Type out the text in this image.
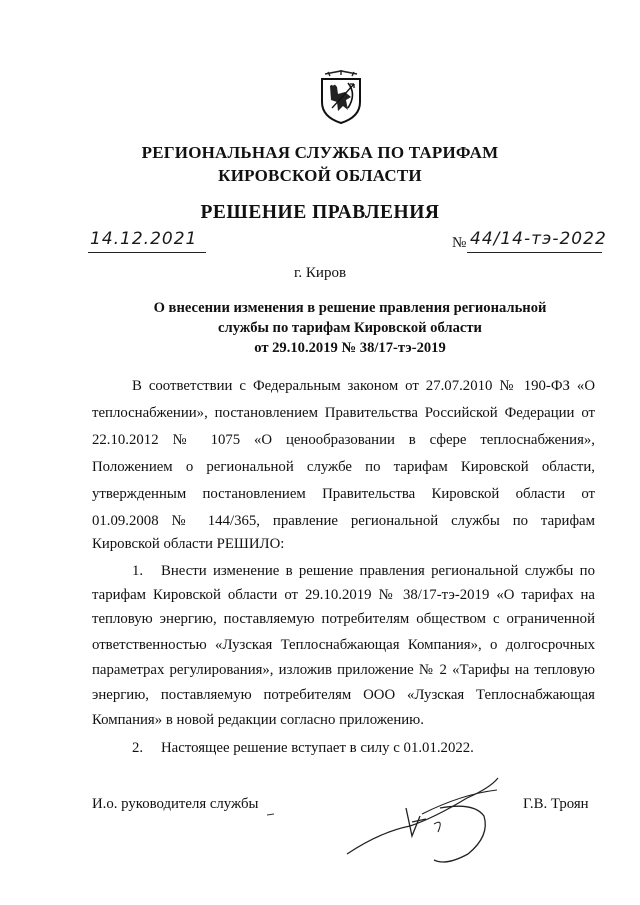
РЕГИОНАЛЬНАЯ СЛУЖБА ПО ТАРИФАМ
КИРОВСКОЙ ОБЛАСТИ
РЕШЕНИЕ ПРАВЛЕНИЯ
14.12.2021	№ 44/14-тэ-2022
г. Киров
О внесении изменения в решение правления региональной
службы по тарифам Кировской области
от 29.10.2019 № 38/17-тэ-2019
В соответствии с Федеральным законом от 27.07.2010 № 190-ФЗ «О
теплоснабжении», постановлением Правительства Российской Федерации от
22.10.2012 № 1075 «О ценообразовании в сфере теплоснабжения»,
Положением о региональной службе по тарифам Кировской области,
утвержденным постановлением Правительства Кировской области от
01.09.2008 № 144/365, правление региональной службы по тарифам
Кировской области РЕШИЛО:
1. Внести изменение в решение правления региональной службы по
тарифам Кировской области от 29.10.2019 № 38/17-тэ-2019 «О тарифах на
тепловую энергию, поставляемую потребителям обществом с ограниченной
ответственностью «Лузская Теплоснабжающая Компания», о долгосрочных
параметрах регулирования», изложив приложение № 2 «Тарифы на тепловую
энергию, поставляемую потребителям ООО «Лузская Теплоснабжающая
Компания» в новой редакции согласно приложению.
2. Настоящее решение вступает в силу с 01.01.2022.
И.о. руководителя службы	Г.В. Троян
